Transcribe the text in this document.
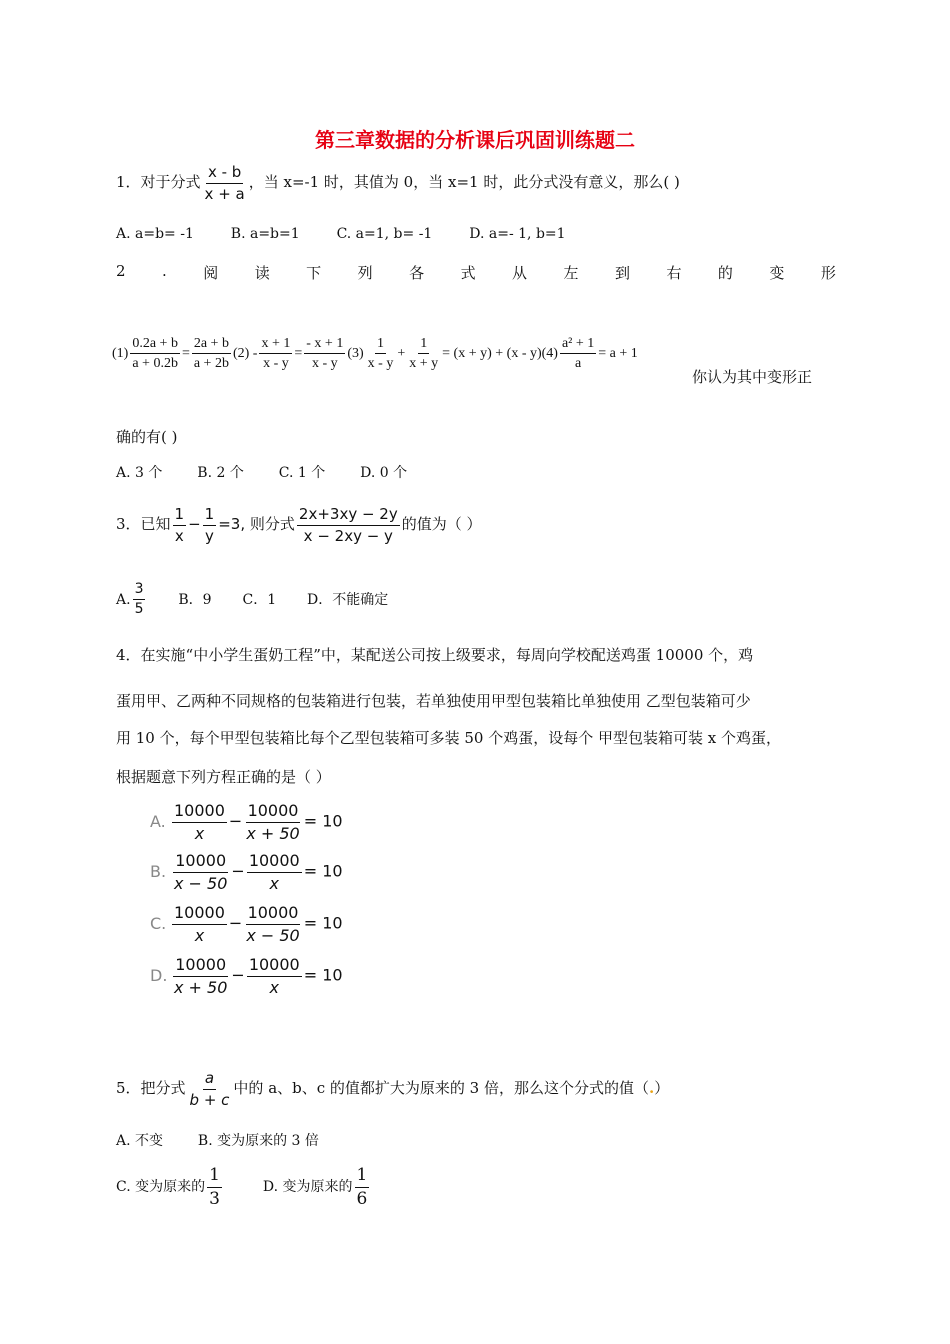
第三章数据的分析课后巩固训练题二
1．对于分式 $\frac{x - b}{x + a}$ ，当 x=-1 时，其值为 0，当 x=1 时，此分式没有意义，那么( )
A. a=b= -1	B. a=b=1	C. a=1, b= -1	D. a=- 1, b=1
2 . 阅 读 下 列 各 式 从 左 到 右 的 变 形
$(1) \frac{0.2a + b}{a + 0.2b} = \frac{2a + b}{a + 2b} (2) - \frac{x + 1}{x - y} = \frac{- x + 1}{x - y} (3) \frac{1}{x - y} + \frac{1}{x + y} = (x + y) + (x - y)(4) \frac{\text{a² + 1}}{a} = a + 1$
你认为其中变形正
确的有( )
A. 3 个 B. 2 个 C. 1 个 D. 0 个
3．已知 $\frac{1}{x} - \frac{1}{y} =3$, 则分式 $\frac{2x+3xy - 2y}{x - 2xy - y}$ 的值为（ ）
A. $\frac{3}{5}$ B．9 C．1 D．不能确定
4．在实施“中小学生蛋奶工程”中，某配送公司按上级要求，每周向学校配送鸡蛋 10000 个，鸡
蛋用甲、乙两种不同规格的包装箱进行包装，若单独使用甲型包装箱比单独使用 乙型包装箱可少
用 10 个，每个甲型包装箱比每个乙型包装箱可多装 50 个鸡蛋，设每个 甲型包装箱可装 x 个鸡蛋，
根据题意下列方程正确的是（ ）
A. $\frac{10000}{x} - \frac{10000}{x + 50} = 10$
B. $\frac{10000}{x - 50} - \frac{10000}{x} = 10$
C. $\frac{10000}{x} - \frac{10000}{x - 50} = 10$
D. $\frac{10000}{x + 50} - \frac{10000}{x} = 10$
5．把分式 $\frac{a}{b + c}$ 中的 a、b、c 的值都扩大为原来的 3 倍，那么这个分式的值（.）
A. 不变 B. 变为原来的 3 倍
C. 变为原来的 $\frac{1}{3}$	D. 变为原来的 $\frac{1}{6}$
